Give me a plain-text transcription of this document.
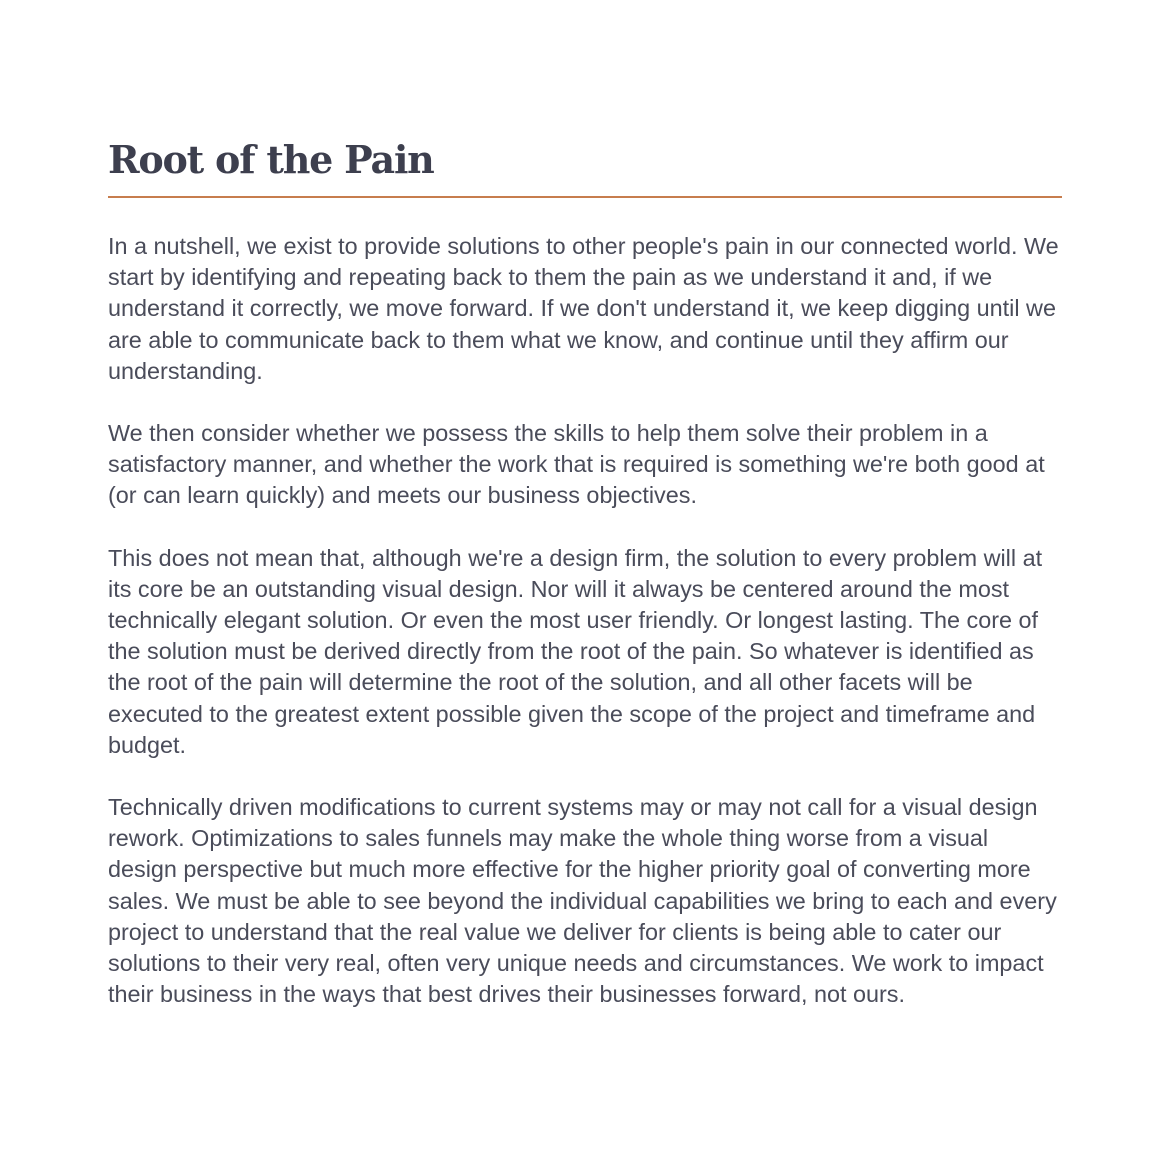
Root of the Pain

In a nutshell, we exist to provide solutions to other people's pain in our connected world. We start by identifying and repeating back to them the pain as we understand it and, if we understand it correctly, we move forward. If we don't understand it, we keep digging until we are able to communicate back to them what we know, and continue until they affirm our understanding.

We then consider whether we possess the skills to help them solve their problem in a satisfactory manner, and whether the work that is required is something we're both good at (or can learn quickly) and meets our business objectives.

This does not mean that, although we're a design firm, the solution to every problem will at its core be an outstanding visual design. Nor will it always be centered around the most technically elegant solution. Or even the most user friendly. Or longest lasting. The core of the solution must be derived directly from the root of the pain. So whatever is identified as the root of the pain will determine the root of the solution, and all other facets will be executed to the greatest extent possible given the scope of the project and timeframe and budget.

Technically driven modifications to current systems may or may not call for a visual design rework. Optimizations to sales funnels may make the whole thing worse from a visual design perspective but much more effective for the higher priority goal of converting more sales. We must be able to see beyond the individual capabilities we bring to each and every project to understand that the real value we deliver for clients is being able to cater our solutions to their very real, often very unique needs and circumstances. We work to impact their business in the ways that best drives their businesses forward, not ours.
